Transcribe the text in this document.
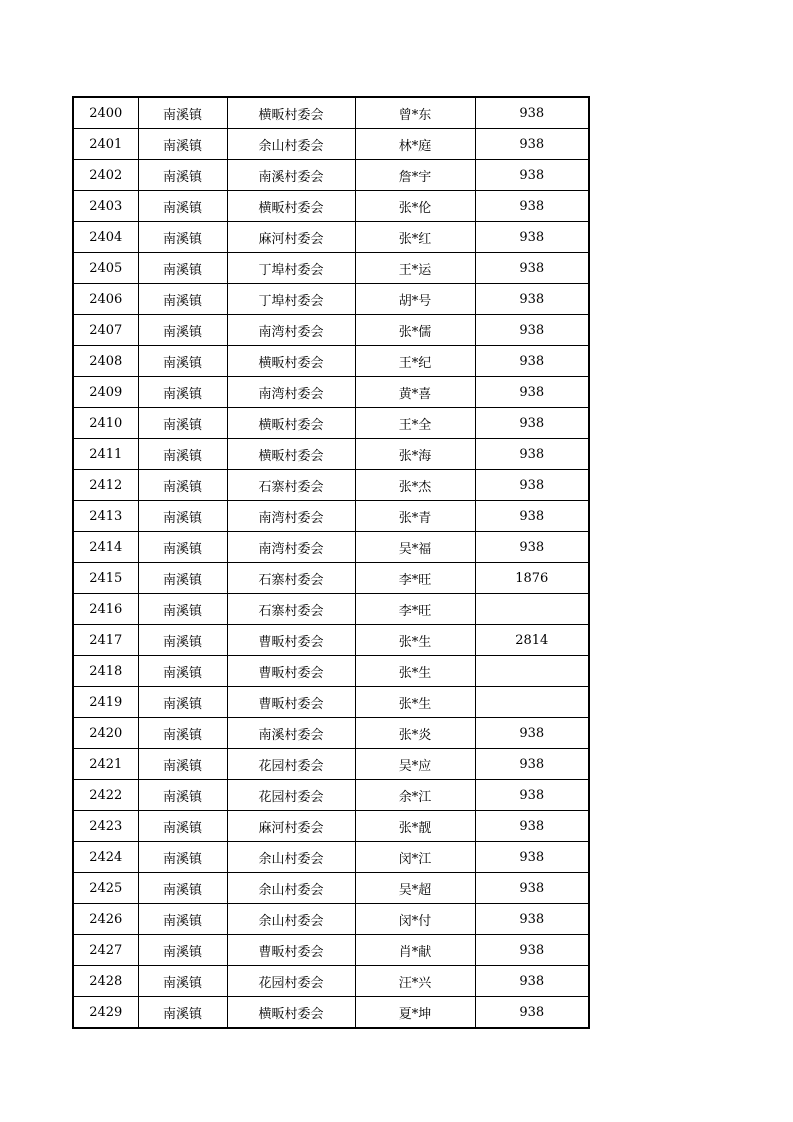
2400	南溪镇	横畈村委会	曾*东	938
2401	南溪镇	余山村委会	林*庭	938
2402	南溪镇	南溪村委会	詹*宇	938
2403	南溪镇	横畈村委会	张*伦	938
2404	南溪镇	麻河村委会	张*红	938
2405	南溪镇	丁埠村委会	王*运	938
2406	南溪镇	丁埠村委会	胡*号	938
2407	南溪镇	南湾村委会	张*儒	938
2408	南溪镇	横畈村委会	王*纪	938
2409	南溪镇	南湾村委会	黄*喜	938
2410	南溪镇	横畈村委会	王*全	938
2411	南溪镇	横畈村委会	张*海	938
2412	南溪镇	石寨村委会	张*杰	938
2413	南溪镇	南湾村委会	张*青	938
2414	南溪镇	南湾村委会	吴*福	938
2415	南溪镇	石寨村委会	李*旺	1876
2416	南溪镇	石寨村委会	李*旺	
2417	南溪镇	曹畈村委会	张*生	2814
2418	南溪镇	曹畈村委会	张*生	
2419	南溪镇	曹畈村委会	张*生	
2420	南溪镇	南溪村委会	张*炎	938
2421	南溪镇	花园村委会	吴*应	938
2422	南溪镇	花园村委会	余*江	938
2423	南溪镇	麻河村委会	张*靓	938
2424	南溪镇	余山村委会	闵*江	938
2425	南溪镇	余山村委会	吴*超	938
2426	南溪镇	余山村委会	闵*付	938
2427	南溪镇	曹畈村委会	肖*献	938
2428	南溪镇	花园村委会	汪*兴	938
2429	南溪镇	横畈村委会	夏*坤	938
